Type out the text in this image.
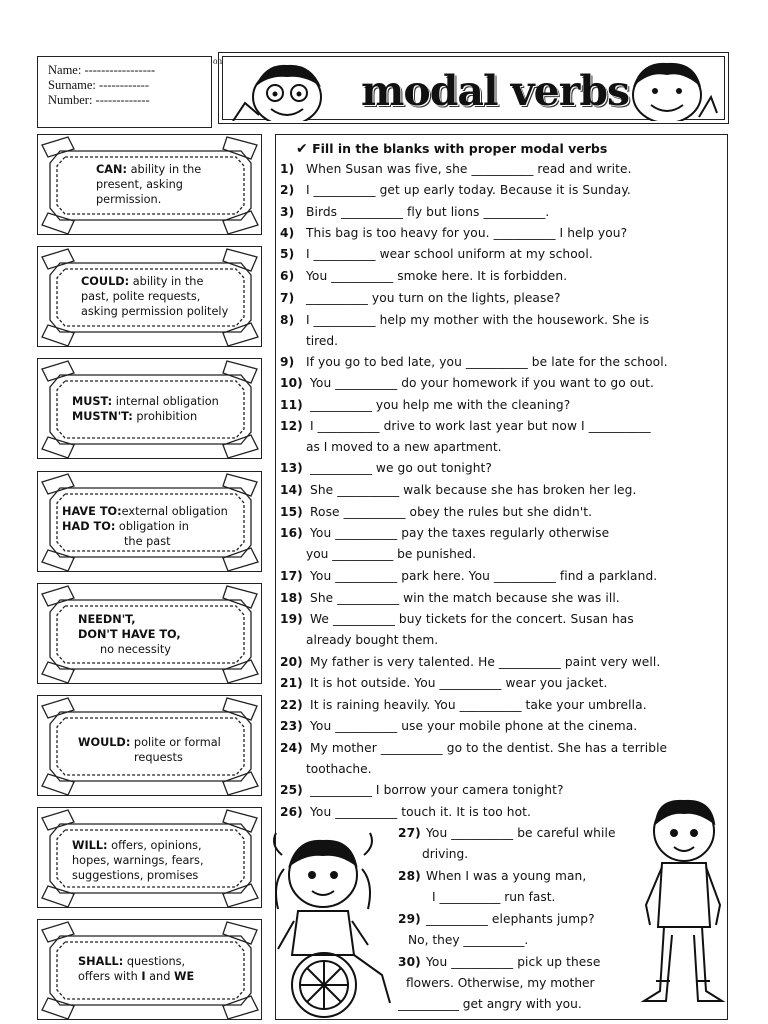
Name: -----------------
Surname: ------------
Number: -------------
on
modal verbs
CAN: ability in the
present, asking
permission.
COULD: ability in the
past, polite requests,
asking permission politely
MUST: internal obligation
MUSTN'T: prohibition
HAVE TO:external obligation
HAD TO: obligation in
the past
NEEDN'T,
DON'T HAVE TO,
no necessity
WOULD: polite or formal
requests
WILL: offers, opinions,
hopes, warnings, fears,
suggestions, promises
SHALL: questions,
offers with I and WE
✔ Fill in the blanks with proper modal verbs
1) When Susan was five, she __________ read and write.
2) I __________ get up early today. Because it is Sunday.
3) Birds __________ fly but lions __________.
4) This bag is too heavy for you. __________ I help you?
5) I __________ wear school uniform at my school.
6) You __________ smoke here. It is forbidden.
7) __________ you turn on the lights, please?
8) I __________ help my mother with the housework. She is
tired.
9) If you go to bed late, you __________ be late for the school.
10) You __________ do your homework if you want to go out.
11) __________ you help me with the cleaning?
12) I __________ drive to work last year but now I __________
as I moved to a new apartment.
13) __________ we go out tonight?
14) She __________ walk because she has broken her leg.
15) Rose __________ obey the rules but she didn't.
16) You __________ pay the taxes regularly otherwise
you __________ be punished.
17) You __________ park here. You __________ find a parkland.
18) She __________ win the match because she was ill.
19) We __________ buy tickets for the concert. Susan has
already bought them.
20) My father is very talented. He __________ paint very well.
21) It is hot outside. You __________ wear you jacket.
22) It is raining heavily. You __________ take your umbrella.
23) You __________ use your mobile phone at the cinema.
24) My mother __________ go to the dentist. She has a terrible
toothache.
25) __________ I borrow your camera tonight?
26) You __________ touch it. It is too hot.
27) You __________ be careful while
driving.
28) When I was a young man,
I __________ run fast.
29) __________ elephants jump?
No, they __________.
30) You __________ pick up these
flowers. Otherwise, my mother
__________ get angry with you.
